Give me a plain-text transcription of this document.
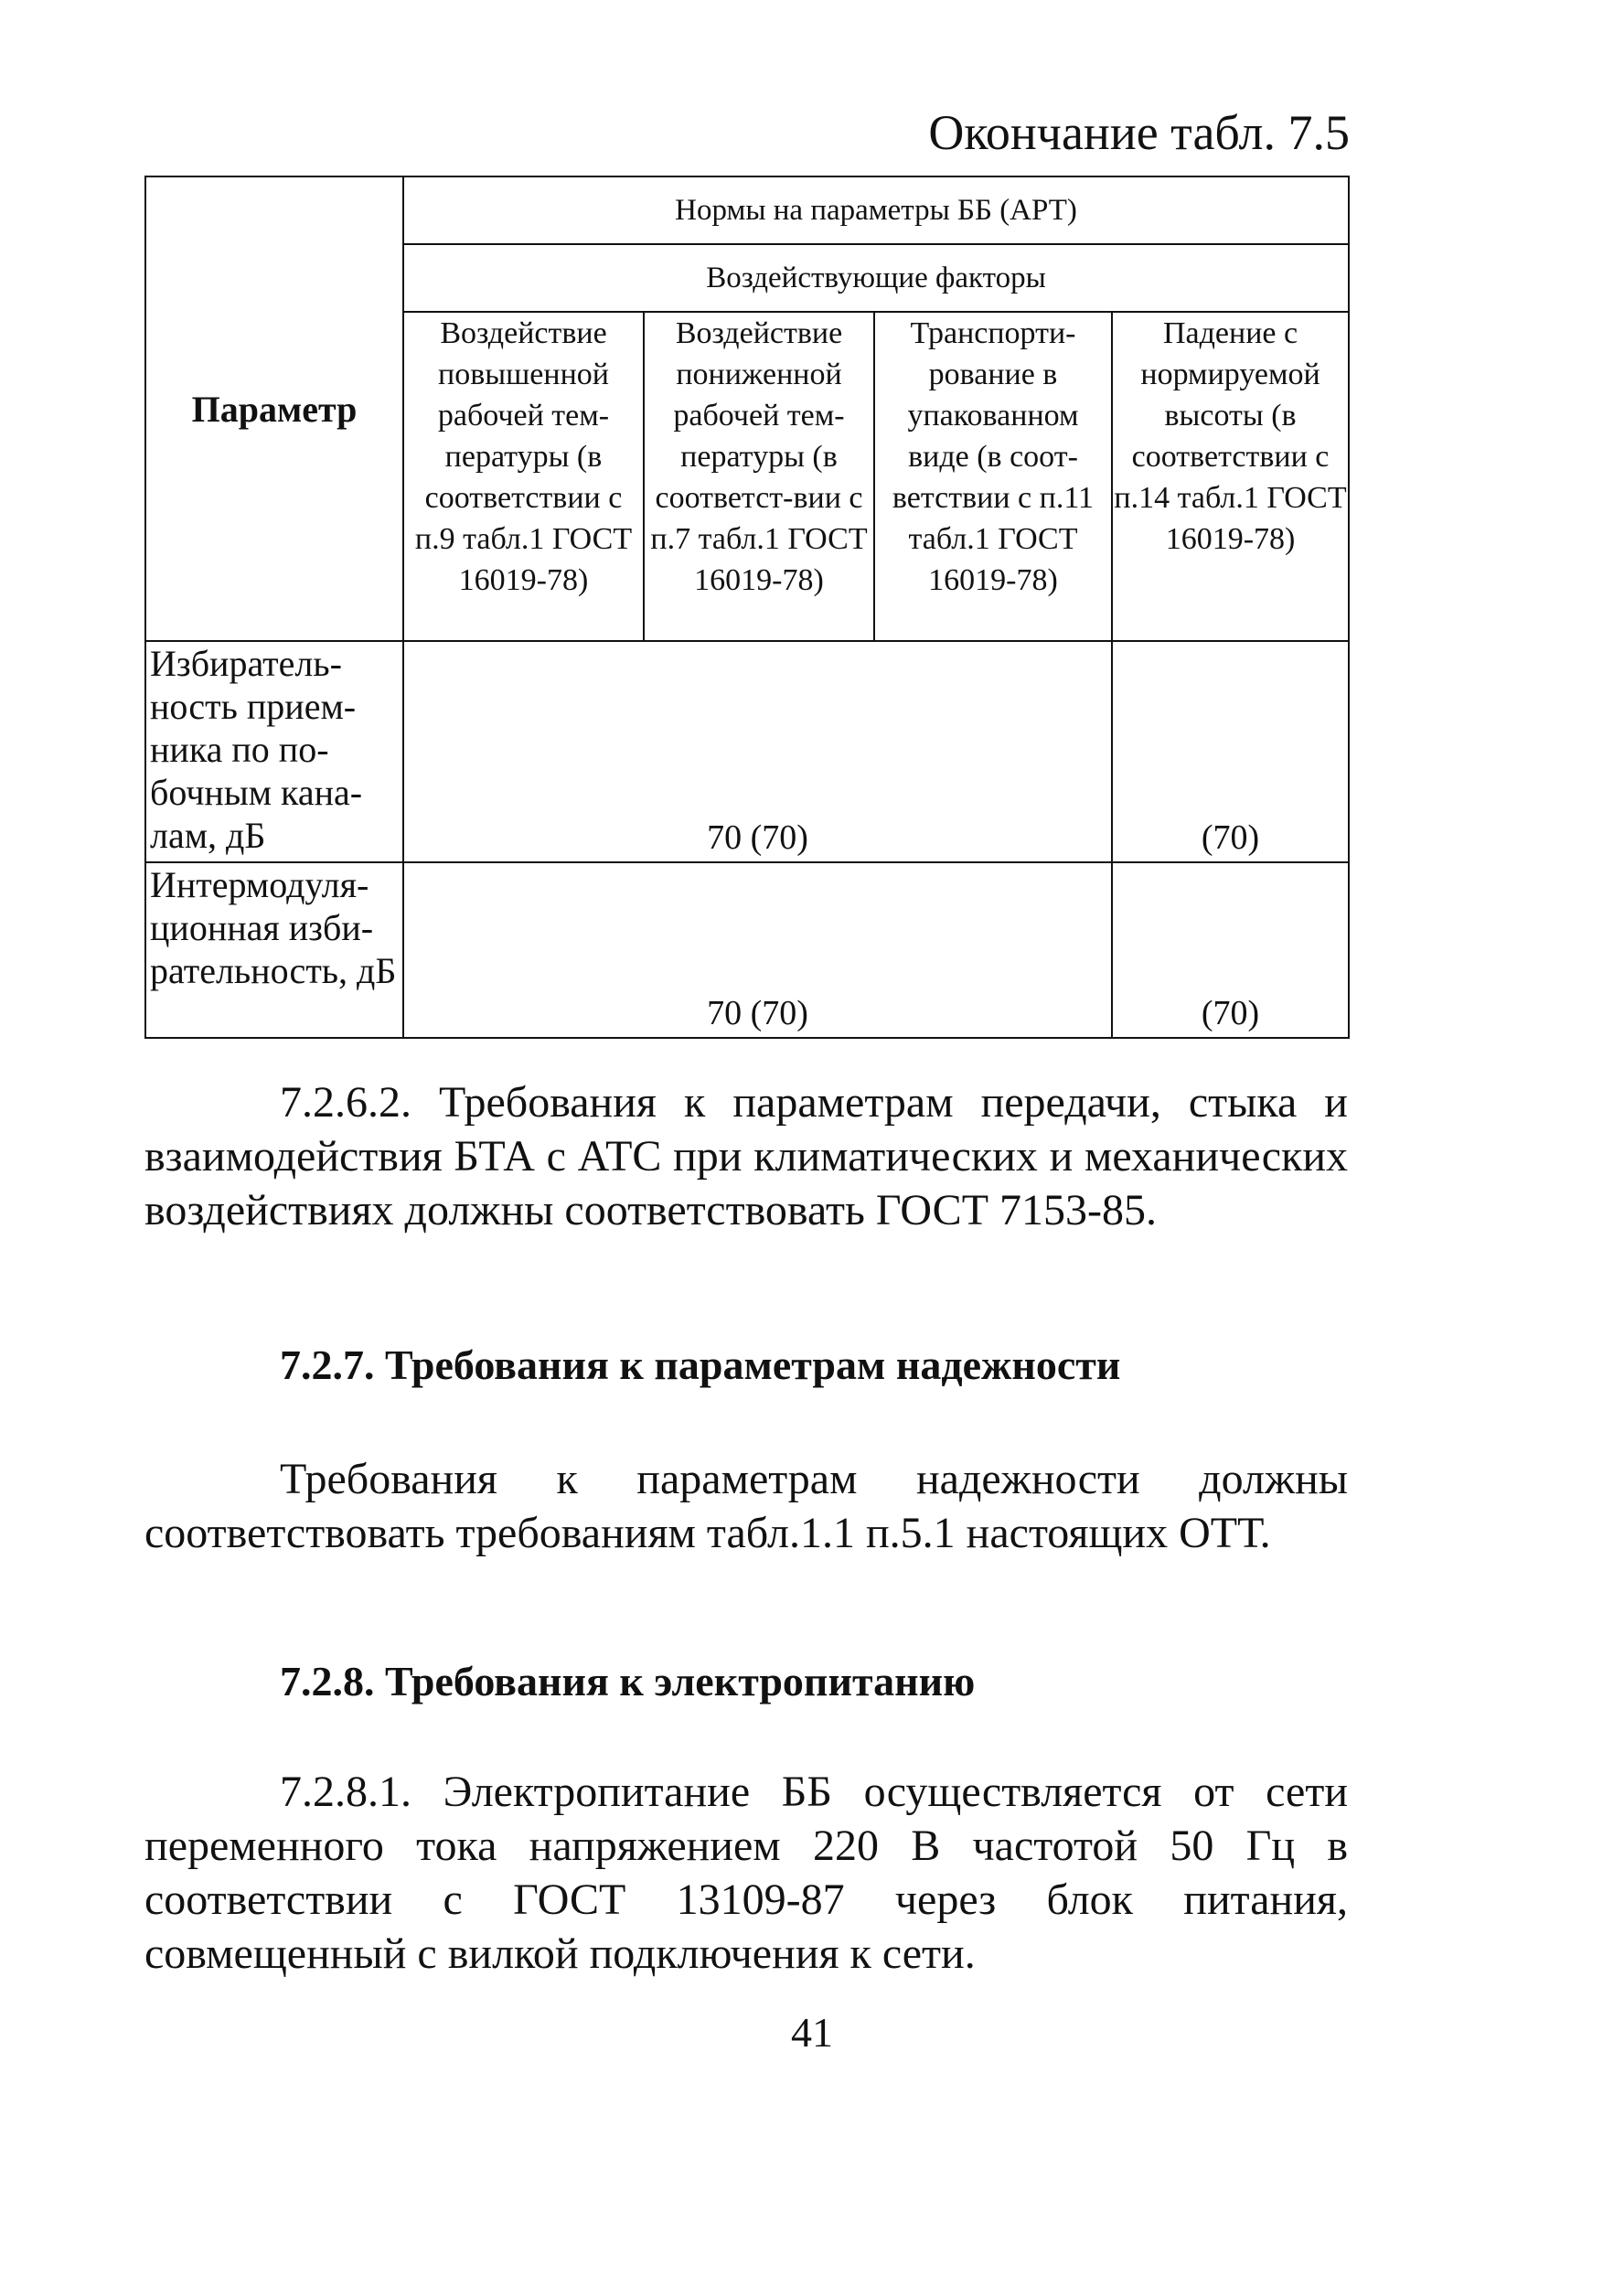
Окончание табл. 7.5
Параметр	Нормы на параметры ББ (АРТ)			
	Воздействующие факторы			
	Воздействие повышенной рабочей тем-пературы (в соответствии с п.9 табл.1 ГОСТ 16019-78)	Воздействие пониженной рабочей тем-пературы (в соответст-вии с п.7 табл.1 ГОСТ 16019-78)	Транспорти-рование в упакованном виде (в соот-ветствии с п.11 табл.1 ГОСТ 16019-78)	Падение с нормируемой высоты (в соответствии с п.14 табл.1 ГОСТ 16019-78)
Избиратель-ность прием-ника по по-бочным кана-лам, дБ	70 (70)			(70)
Интермодуля-ционная изби-рательность, дБ	70 (70)			(70)

7.2.6.2. Требования к параметрам передачи, стыка и взаимодействия БТА с АТС при климатических и механических воздействиях должны соответствовать ГОСТ 7153-85.

7.2.7. Требования к параметрам надежности

Требования к параметрам надежности должны соответствовать требованиям табл.1.1 п.5.1 настоящих ОТТ.

7.2.8. Требования к электропитанию

7.2.8.1. Электропитание ББ осуществляется от сети переменного тока напряжением 220 В частотой 50 Гц в соответствии с ГОСТ 13109-87 через блок питания, совмещенный с вилкой подключения к сети.

41
